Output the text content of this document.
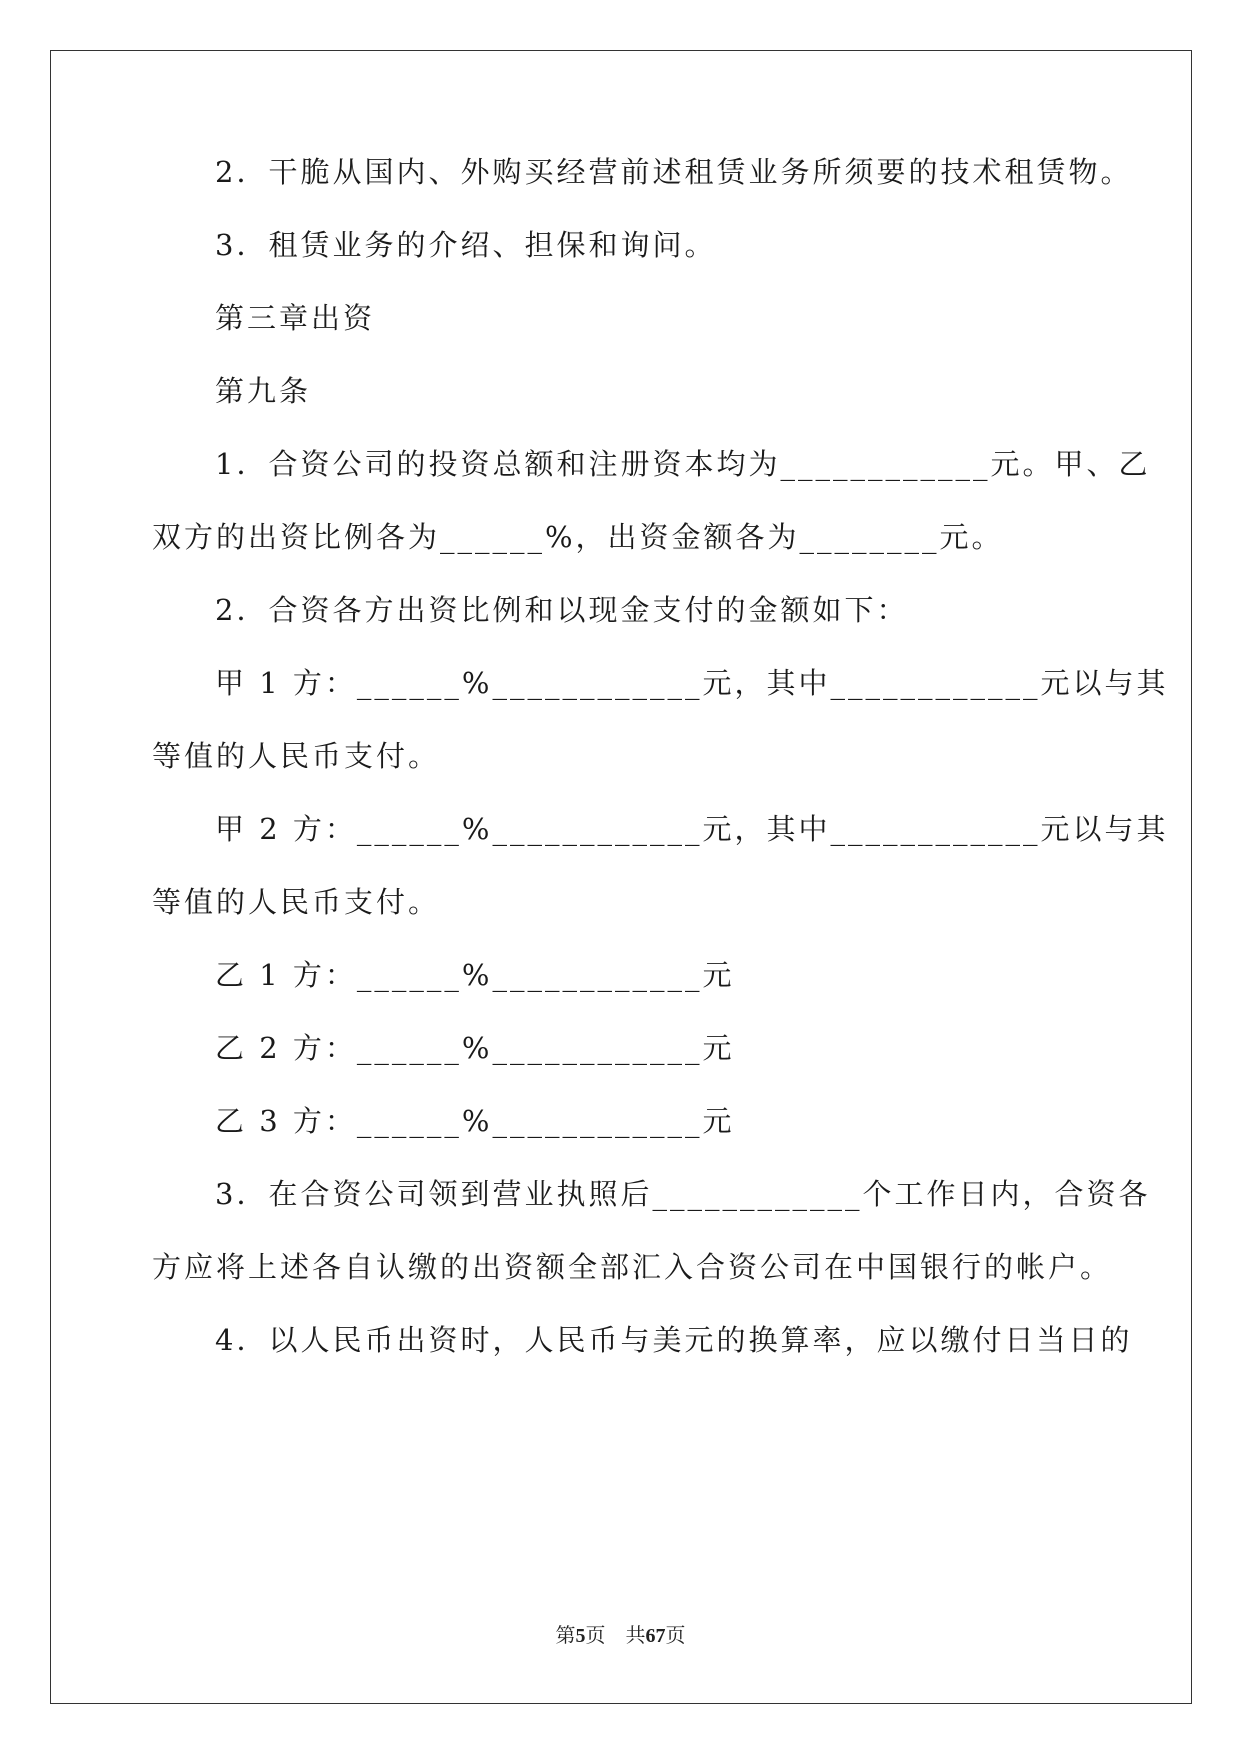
2．干脆从国内、外购买经营前述租赁业务所须要的技术租赁物。
3．租赁业务的介绍、担保和询问。
第三章出资
第九条
1．合资公司的投资总额和注册资本均为____________元。甲、乙
双方的出资比例各为______%，出资金额各为________元。
2．合资各方出资比例和以现金支付的金额如下：
甲 1 方：______%____________元，其中____________元以与其
等值的人民币支付。
甲 2 方：______%____________元，其中____________元以与其
等值的人民币支付。
乙 1 方：______%____________元
乙 2 方：______%____________元
乙 3 方：______%____________元
3．在合资公司领到营业执照后____________个工作日内，合资各
方应将上述各自认缴的出资额全部汇入合资公司在中国银行的帐户。
4．以人民币出资时，人民币与美元的换算率，应以缴付日当日的
第5页 共67页
